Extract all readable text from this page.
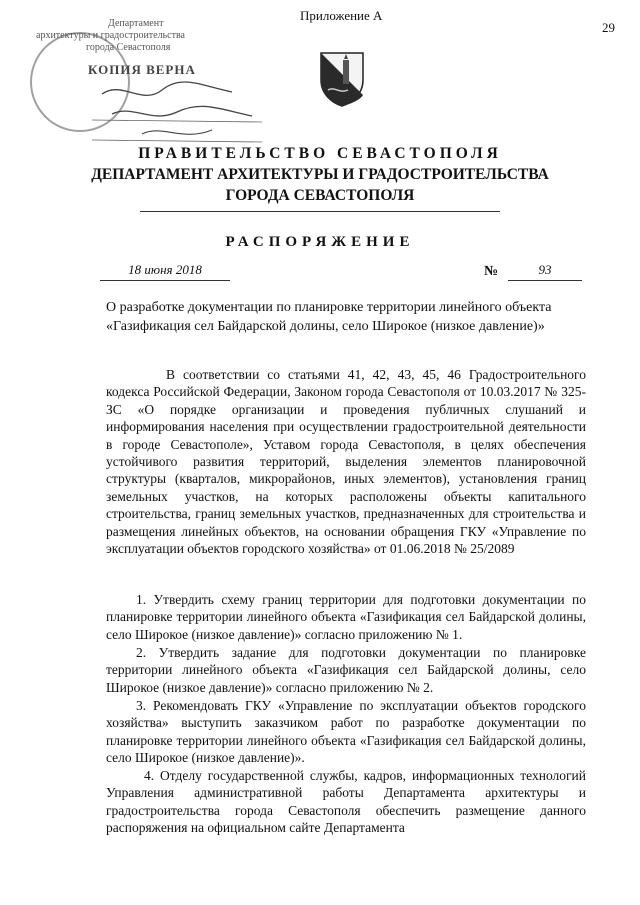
Приложение А
29
Департамент
архитектуры и градостроительства
города Севастополя
КОПИЯ ВЕРНА
ПРАВИТЕЛЬСТВО СЕВАСТОПОЛЯ
ДЕПАРТАМЕНТ АРХИТЕКТУРЫ И ГРАДОСТРОИТЕЛЬСТВА
ГОРОДА СЕВАСТОПОЛЯ
РАСПОРЯЖЕНИЕ
18 июня 2018	№	93
О разработке документации по планировке территории линейного объекта «Газификация сел Байдарской долины, село Широкое (низкое давление)»
В соответствии со статьями 41, 42, 43, 45, 46 Градостроительного кодекса Российской Федерации, Законом города Севастополя от 10.03.2017 № 325-ЗС «О порядке организации и проведения публичных слушаний и информирования населения при осуществлении градостроительной деятельности в городе Севастополе», Уставом города Севастополя, в целях обеспечения устойчивого развития территорий, выделения элементов планировочной структуры (кварталов, микрорайонов, иных элементов), установления границ земельных участков, на которых расположены объекты капитального строительства, границ земельных участков, предназначенных для строительства и размещения линейных объектов, на основании обращения ГКУ «Управление по эксплуатации объектов городского хозяйства» от 01.06.2018 № 25/2089
1. Утвердить схему границ территории для подготовки документации по планировке территории линейного объекта «Газификация сел Байдарской долины, село Широкое (низкое давление)» согласно приложению № 1.
2. Утвердить задание для подготовки документации по планировке территории линейного объекта «Газификация сел Байдарской долины, село Широкое (низкое давление)» согласно приложению № 2.
3. Рекомендовать ГКУ «Управление по эксплуатации объектов городского хозяйства» выступить заказчиком работ по разработке документации по планировке территории линейного объекта «Газификация сел Байдарской долины, село Широкое (низкое давление)».
4. Отделу государственной службы, кадров, информационных технологий Управления административной работы Департамента архитектуры и градостроительства города Севастополя обеспечить размещение данного распоряжения на официальном сайте Департамента
